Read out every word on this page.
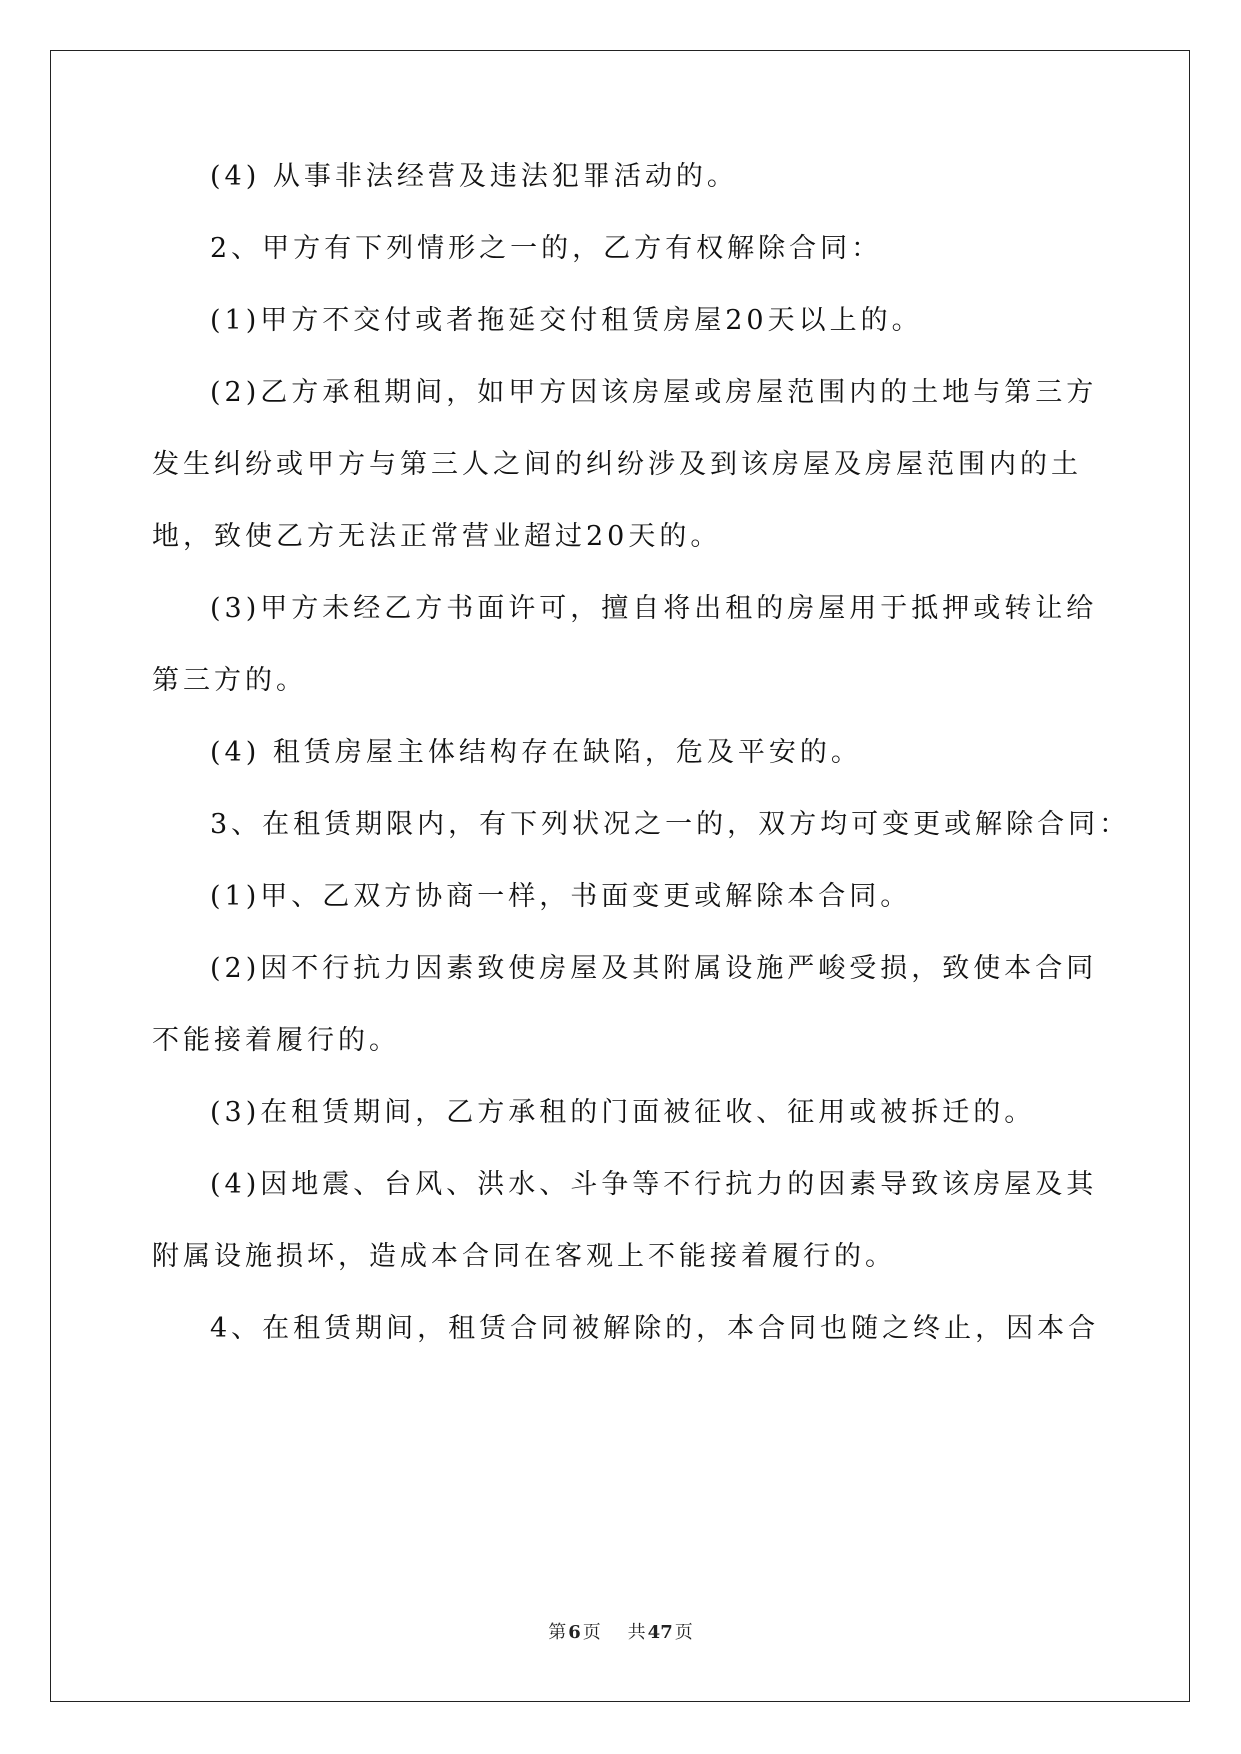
(4) 从事非法经营及违法犯罪活动的。
2、甲方有下列情形之一的，乙方有权解除合同：
(1)甲方不交付或者拖延交付租赁房屋20天以上的。
(2)乙方承租期间，如甲方因该房屋或房屋范围内的土地与第三方
发生纠纷或甲方与第三人之间的纠纷涉及到该房屋及房屋范围内的土
地，致使乙方无法正常营业超过20天的。
(3)甲方未经乙方书面许可，擅自将出租的房屋用于抵押或转让给
第三方的。
(4) 租赁房屋主体结构存在缺陷，危及平安的。
3、在租赁期限内，有下列状况之一的，双方均可变更或解除合同：
(1)甲、乙双方协商一样，书面变更或解除本合同。
(2)因不行抗力因素致使房屋及其附属设施严峻受损，致使本合同
不能接着履行的。
(3)在租赁期间，乙方承租的门面被征收、征用或被拆迁的。
(4)因地震、台风、洪水、斗争等不行抗力的因素导致该房屋及其
附属设施损坏，造成本合同在客观上不能接着履行的。
4、在租赁期间，租赁合同被解除的，本合同也随之终止，因本合
第 6 页 共 47 页
